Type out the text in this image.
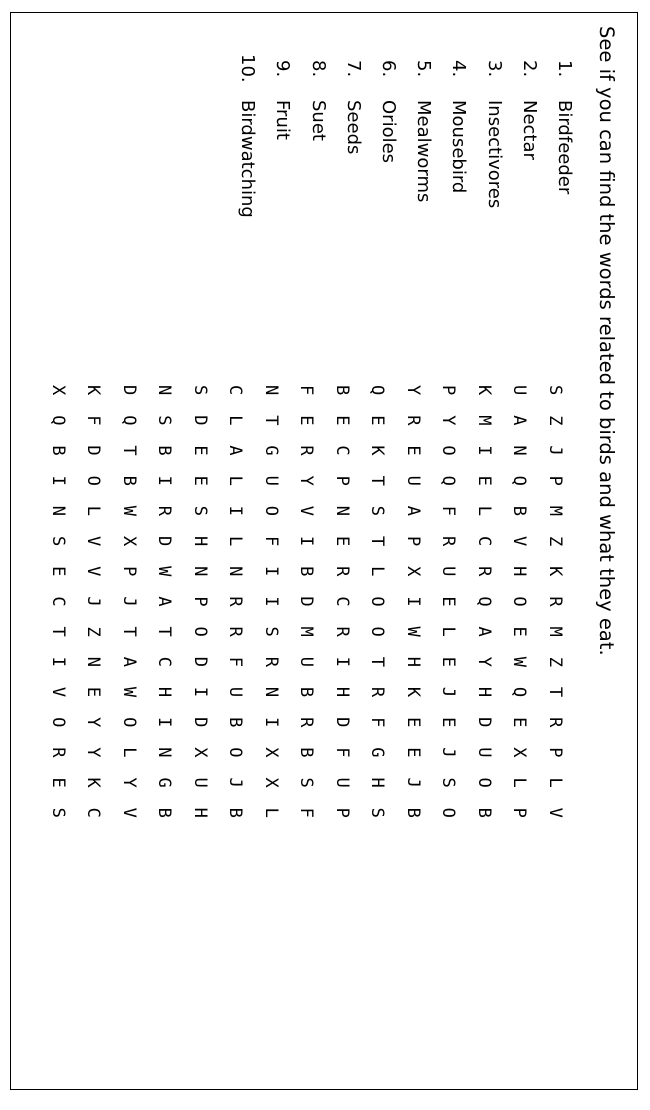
See if you can find the words related to birds and what they eat.
1.Birdfeeder
2.Nectar
3.Insectivores
4.Mousebird
5.Mealworms
6.Orioles
7.Seeds
8.Suet
9.Fruit
10.Birdwatching
SZJPMZKRMZTRPLV
UANQBVHOEWQEXLP
KMIELCRQAYHDUOB
PYOQFRUELEJEJSO
YREUAPXIWHKEEJB
QEKTSTLOOTRFGHS
BECPNERCRIHDFUP
FERYVIBDMUBRBSF
NTGUOFIISRNIXXL
CLALILNRRFUBOJB
SDEESHNPODIDXUH
NSBIRDWATCHINGB
DQTBWXPJTAWOLYV
KFDOLVVJZNEYYKC
XQBINSECTIVORES
